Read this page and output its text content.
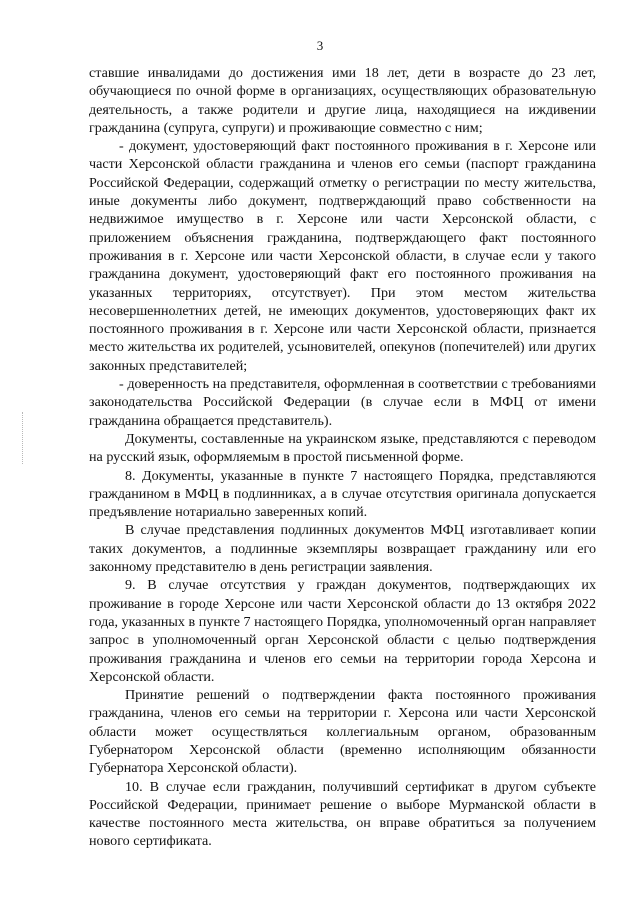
3

ставшие инвалидами до достижения ими 18 лет, дети в возрасте до 23 лет, обучающиеся по очной форме в организациях, осуществляющих образовательную деятельность, а также родители и другие лица, находящиеся на иждивении гражданина (супруга, супруги) и проживающие совместно с ним;

- документ, удостоверяющий факт постоянного проживания в г. Херсоне или части Херсонской области гражданина и членов его семьи (паспорт гражданина Российской Федерации, содержащий отметку о регистрации по месту жительства, иные документы либо документ, подтверждающий право собственности на недвижимое имущество в г. Херсоне или части Херсонской области, с приложением объяснения гражданина, подтверждающего факт постоянного проживания в г. Херсоне или части Херсонской области, в случае если у такого гражданина документ, удостоверяющий факт его постоянного проживания на указанных территориях, отсутствует). При этом местом жительства несовершеннолетних детей, не имеющих документов, удостоверяющих факт их постоянного проживания в г. Херсоне или части Херсонской области, признается место жительства их родителей, усыновителей, опекунов (попечителей) или других законных представителей;

- доверенность на представителя, оформленная в соответствии с требованиями законодательства Российской Федерации (в случае если в МФЦ от имени гражданина обращается представитель).

Документы, составленные на украинском языке, представляются с переводом на русский язык, оформляемым в простой письменной форме.

8. Документы, указанные в пункте 7 настоящего Порядка, представляются гражданином в МФЦ в подлинниках, а в случае отсутствия оригинала допускается предъявление нотариально заверенных копий.

В случае представления подлинных документов МФЦ изготавливает копии таких документов, а подлинные экземпляры возвращает гражданину или его законному представителю в день регистрации заявления.

9. В случае отсутствия у граждан документов, подтверждающих их проживание в городе Херсоне или части Херсонской области до 13 октября 2022 года, указанных в пункте 7 настоящего Порядка, уполномоченный орган направляет запрос в уполномоченный орган Херсонской области с целью подтверждения проживания гражданина и членов его семьи на территории города Херсона и Херсонской области.

Принятие решений о подтверждении факта постоянного проживания гражданина, членов его семьи на территории г. Херсона или части Херсонской области может осуществляться коллегиальным органом, образованным Губернатором Херсонской области (временно исполняющим обязанности Губернатора Херсонской области).

10. В случае если гражданин, получивший сертификат в другом субъекте Российской Федерации, принимает решение о выборе Мурманской области в качестве постоянного места жительства, он вправе обратиться за получением нового сертификата.
